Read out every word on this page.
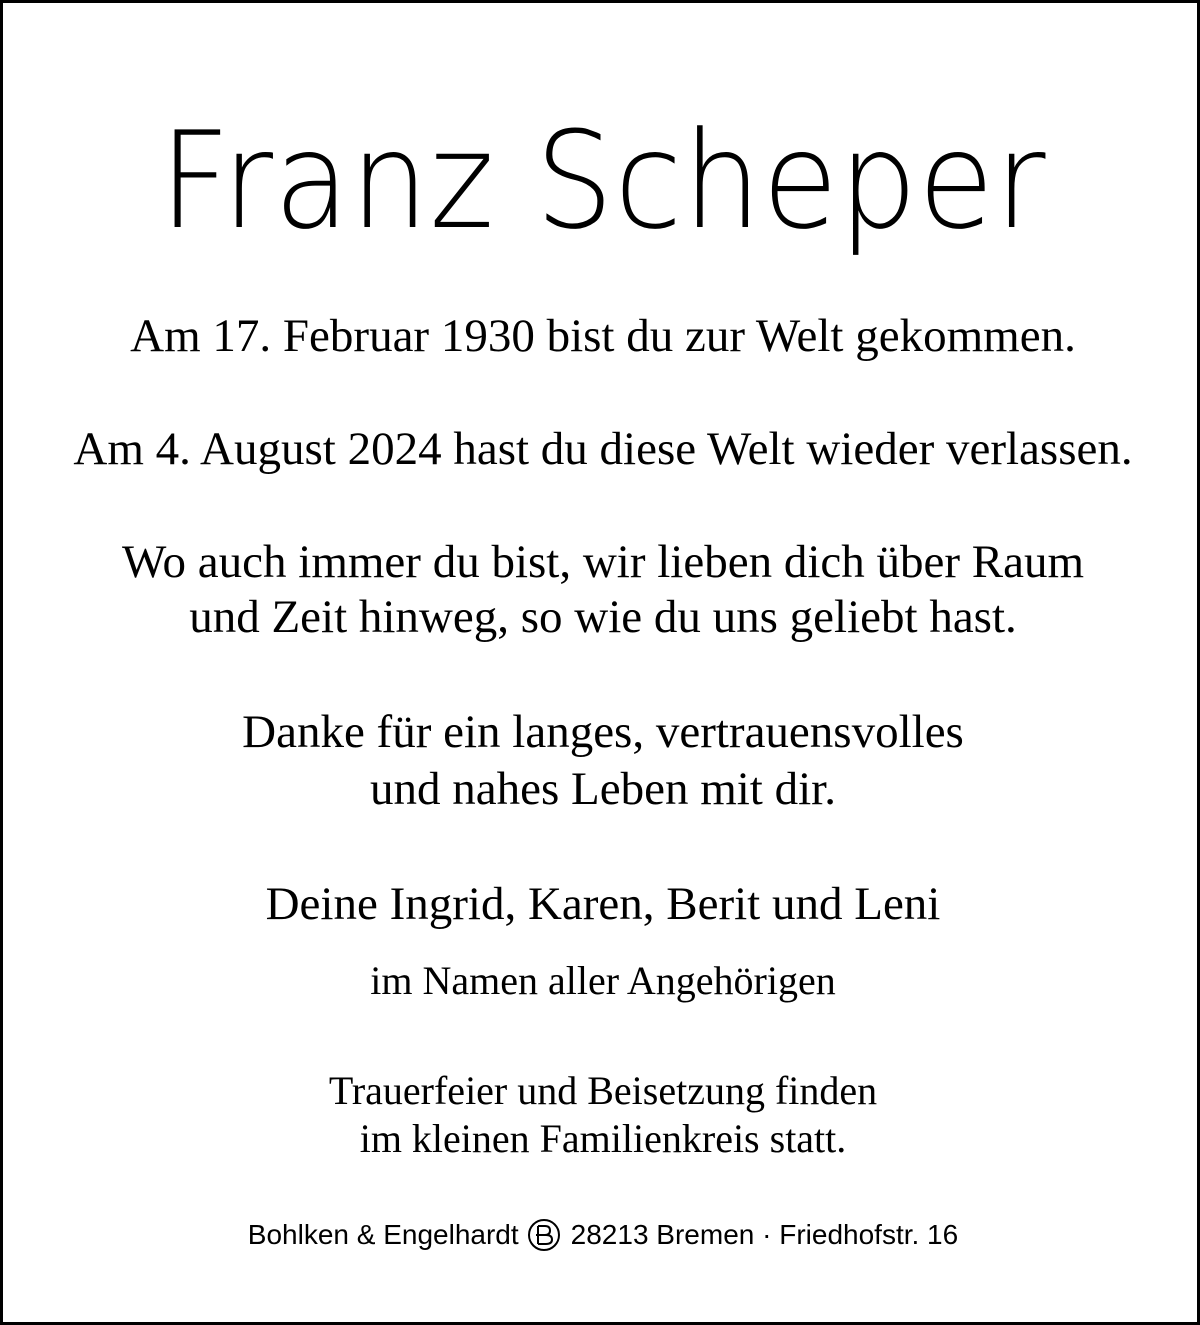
Franz Scheper
Am 17. Februar 1930 bist du zur Welt gekommen.
Am 4. August 2024 hast du diese Welt wieder verlassen.
Wo auch immer du bist, wir lieben dich über Raum
und Zeit hinweg, so wie du uns geliebt hast.
Danke für ein langes, vertrauensvolles
und nahes Leben mit dir.
Deine Ingrid, Karen, Berit und Leni
im Namen aller Angehörigen
Trauerfeier und Beisetzung finden
im kleinen Familienkreis statt.
Bohlken & Engelhardt 28213 Bremen · Friedhofstr. 16
